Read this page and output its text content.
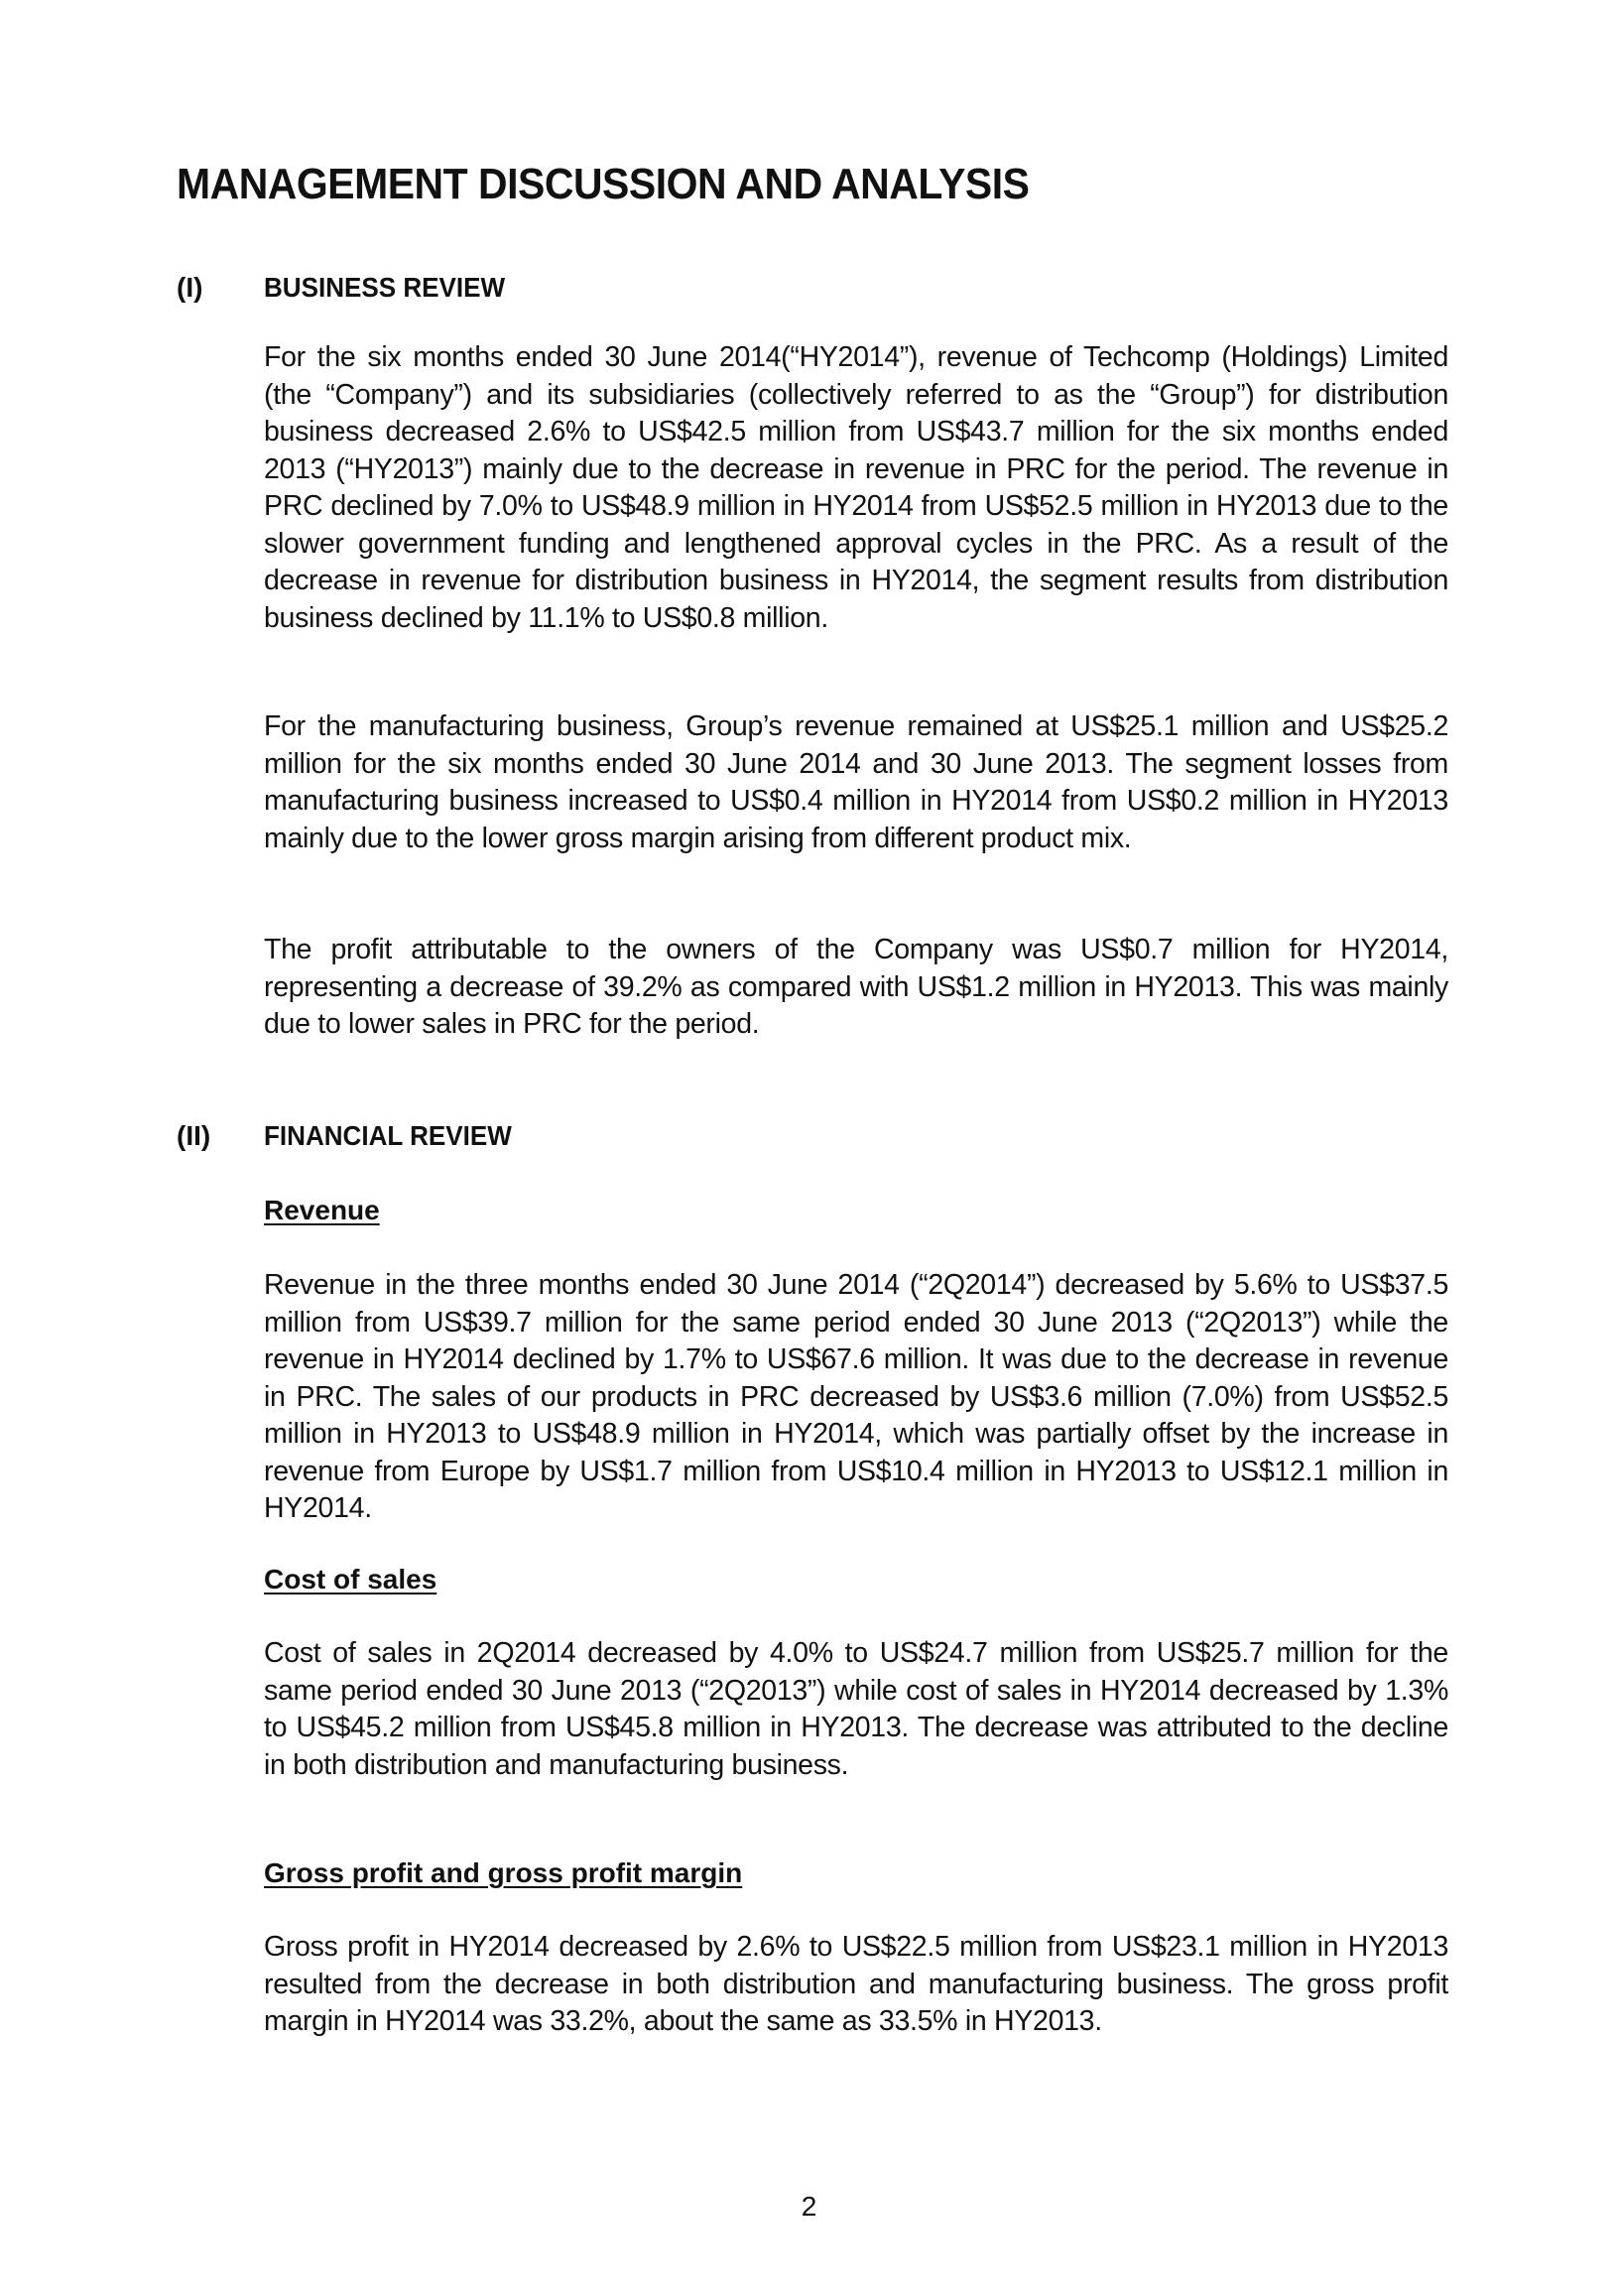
MANAGEMENT DISCUSSION AND ANALYSIS
(I) BUSINESS REVIEW

For the six months ended 30 June 2014(“HY2014”), revenue of Techcomp (Holdings) Limited (the “Company”) and its subsidiaries (collectively referred to as the “Group”) for distribution business decreased 2.6% to US$42.5 million from US$43.7 million for the six months ended 2013 (“HY2013”) mainly due to the decrease in revenue in PRC for the period. The revenue in PRC declined by 7.0% to US$48.9 million in HY2014 from US$52.5 million in HY2013 due to the slower government funding and lengthened approval cycles in the PRC. As a result of the decrease in revenue for distribution business in HY2014, the segment results from distribution business declined by 11.1% to US$0.8 million.

For the manufacturing business, Group’s revenue remained at US$25.1 million and US$25.2 million for the six months ended 30 June 2014 and 30 June 2013. The segment losses from manufacturing business increased to US$0.4 million in HY2014 from US$0.2 million in HY2013 mainly due to the lower gross margin arising from different product mix.

The profit attributable to the owners of the Company was US$0.7 million for HY2014, representing a decrease of 39.2% as compared with US$1.2 million in HY2013. This was mainly due to lower sales in PRC for the period.

(II) FINANCIAL REVIEW
Revenue

Revenue in the three months ended 30 June 2014 (“2Q2014”) decreased by 5.6% to US$37.5 million from US$39.7 million for the same period ended 30 June 2013 (“2Q2013”) while the revenue in HY2014 declined by 1.7% to US$67.6 million. It was due to the decrease in revenue in PRC. The sales of our products in PRC decreased by US$3.6 million (7.0%) from US$52.5 million in HY2013 to US$48.9 million in HY2014, which was partially offset by the increase in revenue from Europe by US$1.7 million from US$10.4 million in HY2013 to US$12.1 million in HY2014.

Cost of sales

Cost of sales in 2Q2014 decreased by 4.0% to US$24.7 million from US$25.7 million for the same period ended 30 June 2013 (“2Q2013”) while cost of sales in HY2014 decreased by 1.3% to US$45.2 million from US$45.8 million in HY2013. The decrease was attributed to the decline in both distribution and manufacturing business.

Gross profit and gross profit margin

Gross profit in HY2014 decreased by 2.6% to US$22.5 million from US$23.1 million in HY2013 resulted from the decrease in both distribution and manufacturing business. The gross profit margin in HY2014 was 33.2%, about the same as 33.5% in HY2013.

2
